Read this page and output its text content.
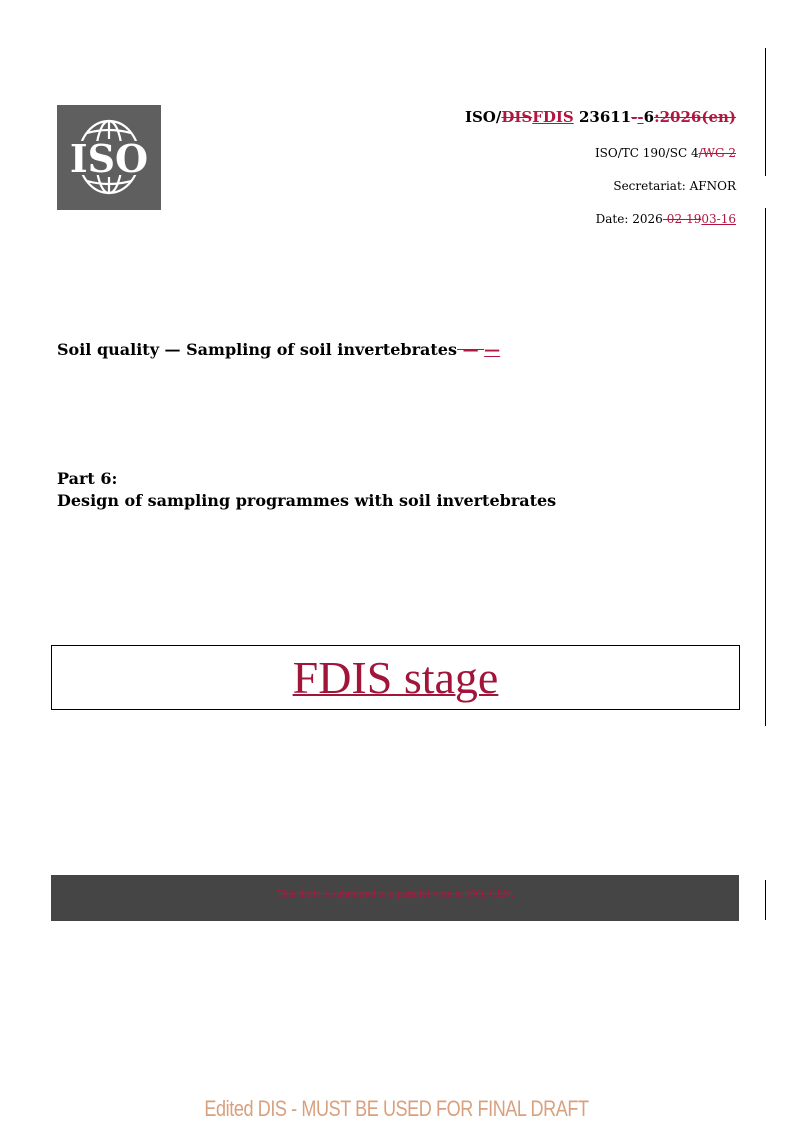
ISO
ISO/DISFDIS 23611--6:2026(en)
ISO/TC 190/SC 4/WG 2
Secretariat: AFNOR
Date: 2026-02-1903-16
Soil quality — Sampling of soil invertebrates — —
Part 6:
Design of sampling programmes with soil invertebrates
FDIS stage
$_{This draft is submitted to a parallel vote in ISO, CEN.}$
Edited DIS - MUST BE USED FOR FINAL DRAFT
